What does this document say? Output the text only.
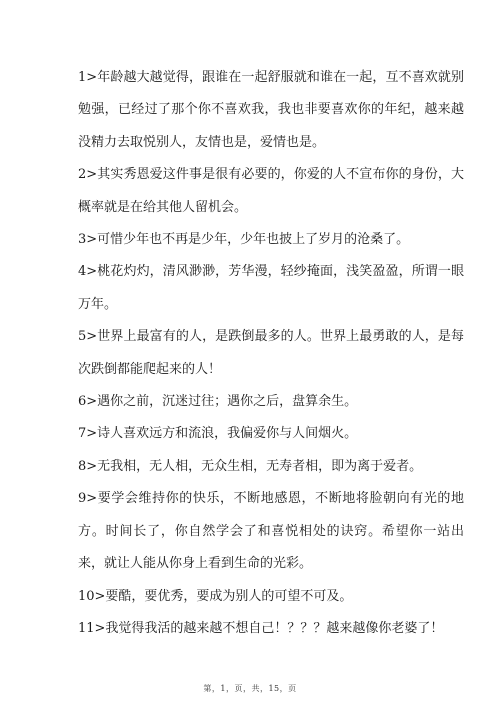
1>年龄越大越觉得，跟谁在一起舒服就和谁在一起，互不喜欢就别勉强，已经过了那个你不喜欢我，我也非要喜欢你的年纪，越来越没精力去取悦别人，友情也是，爱情也是。

2>其实秀恩爱这件事是很有必要的，你爱的人不宣布你的身份，大概率就是在给其他人留机会。

3>可惜少年也不再是少年，少年也披上了岁月的沧桑了。

4>桃花灼灼，清风渺渺，芳华漫，轻纱掩面，浅笑盈盈，所谓一眼万年。

5>世界上最富有的人，是跌倒最多的人。世界上最勇敢的人，是每次跌倒都能爬起来的人！

6>遇你之前，沉迷过往；遇你之后，盘算余生。

7>诗人喜欢远方和流浪，我偏爱你与人间烟火。

8>无我相，无人相，无众生相，无寿者相，即为离于爱者。

9>要学会维持你的快乐，不断地感恩，不断地将脸朝向有光的地方。时间长了，你自然学会了和喜悦相处的诀窍。希望你一站出来，就让人能从你身上看到生命的光彩。

10>要酷，要优秀，要成为别人的可望不可及。

11>我觉得我活的越来越不想自己！？？？越来越像你老婆了！

第，1，页，共，15，页
